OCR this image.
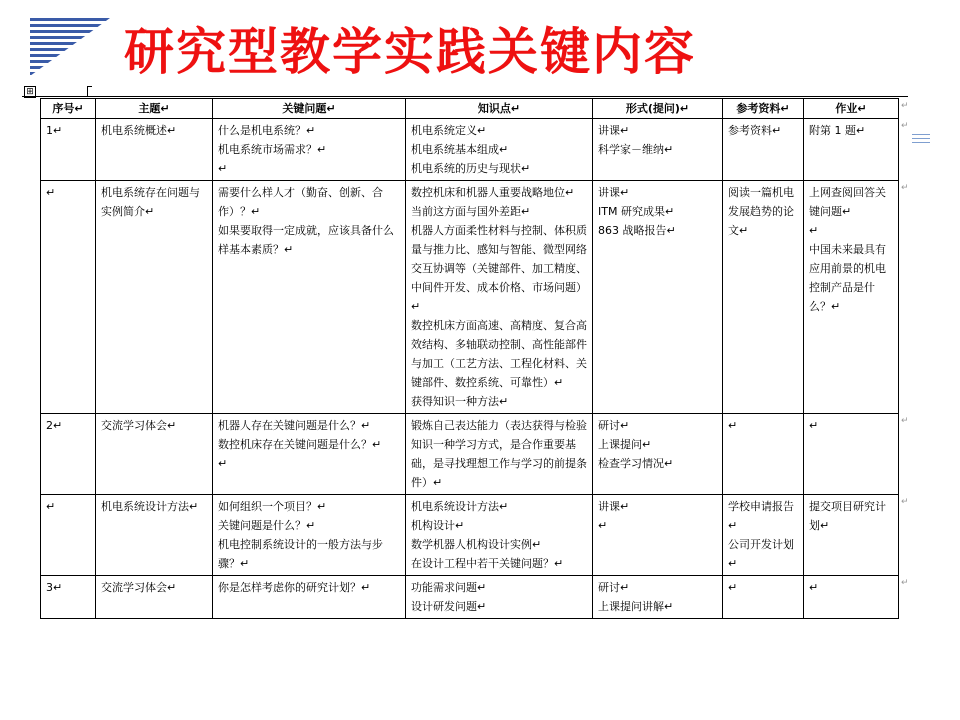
研究型教学实践关键内容
⊞
序号↵	主题↵	关键问题↵	知识点↵	形式(提问)↵	参考资料↵	作业↵

1↵	机电系统概述↵	什么是机电系统？↵
机电系统市场需求？↵
↵	机电系统定义↵
机电系统基本组成↵
机电系统的历史与现状↵	讲课↵
科学家－维纳↵	参考资料↵	附第 1 题↵

↵	机电系统存在问题与实例简介↵	需要什么样人才（勤奋、创新、合作）？↵
如果要取得一定成就，应该具备什么样基本素质？↵	数控机床和机器人重要战略地位↵
当前这方面与国外差距↵
机器人方面柔性材料与控制、体积质量与推力比、感知与智能、微型网络交互协调等（关键部件、加工精度、中间件开发、成本价格、市场问题）↵
数控机床方面高速、高精度、复合高效结构、多轴联动控制、高性能部件与加工（工艺方法、工程化材料、关键部件、数控系统、可靠性）↵
获得知识一种方法↵	讲课↵
ITM 研究成果↵
863 战略报告↵	阅读一篇机电发展趋势的论文↵	上网查阅回答关键问题↵
↵
中国未来最具有应用前景的机电控制产品是什么？↵

2↵	交流学习体会↵	机器人存在关键问题是什么？↵
数控机床存在关键问题是什么？↵
↵	锻炼自己表达能力（表达获得与检验知识一种学习方式，是合作重要基础，是寻找理想工作与学习的前提条件）↵	研讨↵
上课提问↵
检查学习情况↵	↵	↵

↵	机电系统设计方法↵	如何组织一个项目？↵
关键问题是什么？↵
机电控制系统设计的一般方法与步骤？↵	机电系统设计方法↵
机构设计↵
数学机器人机构设计实例↵
在设计工程中若干关键问题？↵	讲课↵
↵	学校申请报告↵
公司开发计划↵	提交项目研究计划↵

3↵	交流学习体会↵	你是怎样考虑你的研究计划？↵	功能需求问题↵
设计研发问题↵	研讨↵
上课提问讲解↵	↵	↵
↵
↵
↵
↵
↵
↵
